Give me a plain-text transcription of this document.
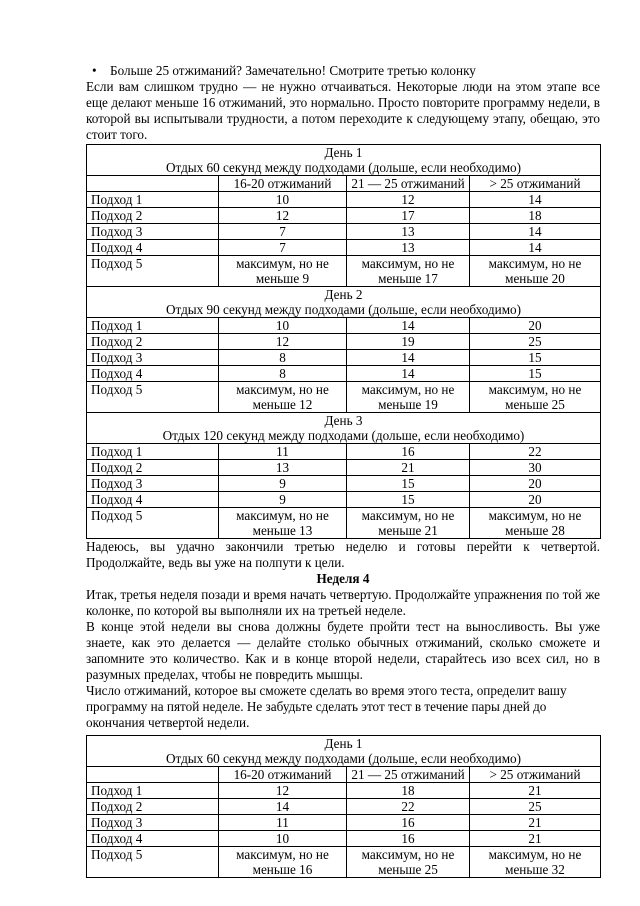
• Больше 25 отжиманий? Замечательно! Смотрите третью колонку

Если вам слишком трудно — не нужно отчаиваться. Некоторые люди на этом этапе все еще делают меньше 16 отжиманий, это нормально. Просто повторите программу недели, в которой вы испытывали трудности, а потом переходите к следующему этапу, обещаю, это стоит того.

День 1
Отдых 60 секунд между подходами (дольше, если необходимо)			

	16-20 отжиманий	21 — 25 отжиманий	> 25 отжиманий
Подход 1	10	12	14
Подход 2	12	17	18
Подход 3	7	13	14
Подход 4	7	13	14
Подход 5	максимум, но не меньше 9	максимум, но не меньше 17	максимум, но не меньше 20

День 2
Отдых 90 секунд между подходами (дольше, если необходимо)			

Подход 1	10	14	20
Подход 2	12	19	25
Подход 3	8	14	15
Подход 4	8	14	15
Подход 5	максимум, но не меньше 12	максимум, но не меньше 19	максимум, но не меньше 25

День 3
Отдых 120 секунд между подходами (дольше, если необходимо)			

Подход 1	11	16	22
Подход 2	13	21	30
Подход 3	9	15	20
Подход 4	9	15	20
Подход 5	максимум, но не меньше 13	максимум, но не меньше 21	максимум, но не меньше 28

Надеюсь, вы удачно закончили третью неделю и готовы перейти к четвертой. Продолжайте, ведь вы уже на полпути к цели.

Неделя 4

Итак, третья неделя позади и время начать четвертую. Продолжайте упражнения по той же колонке, по которой вы выполняли их на третьей неделе.

В конце этой недели вы снова должны будете пройти тест на выносливость. Вы уже знаете, как это делается — делайте столько обычных отжиманий, сколько сможете и запомните это количество. Как и в конце второй недели, старайтесь изо всех сил, но в разумных пределах, чтобы не повредить мышцы.

Число отжиманий, которое вы сможете сделать во время этого теста, определит вашу программу на пятой неделе. Не забудьте сделать этот тест в течение пары дней до окончания четвертой недели.

День 1
Отдых 60 секунд между подходами (дольше, если необходимо)			

	16-20 отжиманий	21 — 25 отжиманий	> 25 отжиманий
Подход 1	12	18	21
Подход 2	14	22	25
Подход 3	11	16	21
Подход 4	10	16	21
Подход 5	максимум, но не меньше 16	максимум, но не меньше 25	максимум, но не меньше 32
